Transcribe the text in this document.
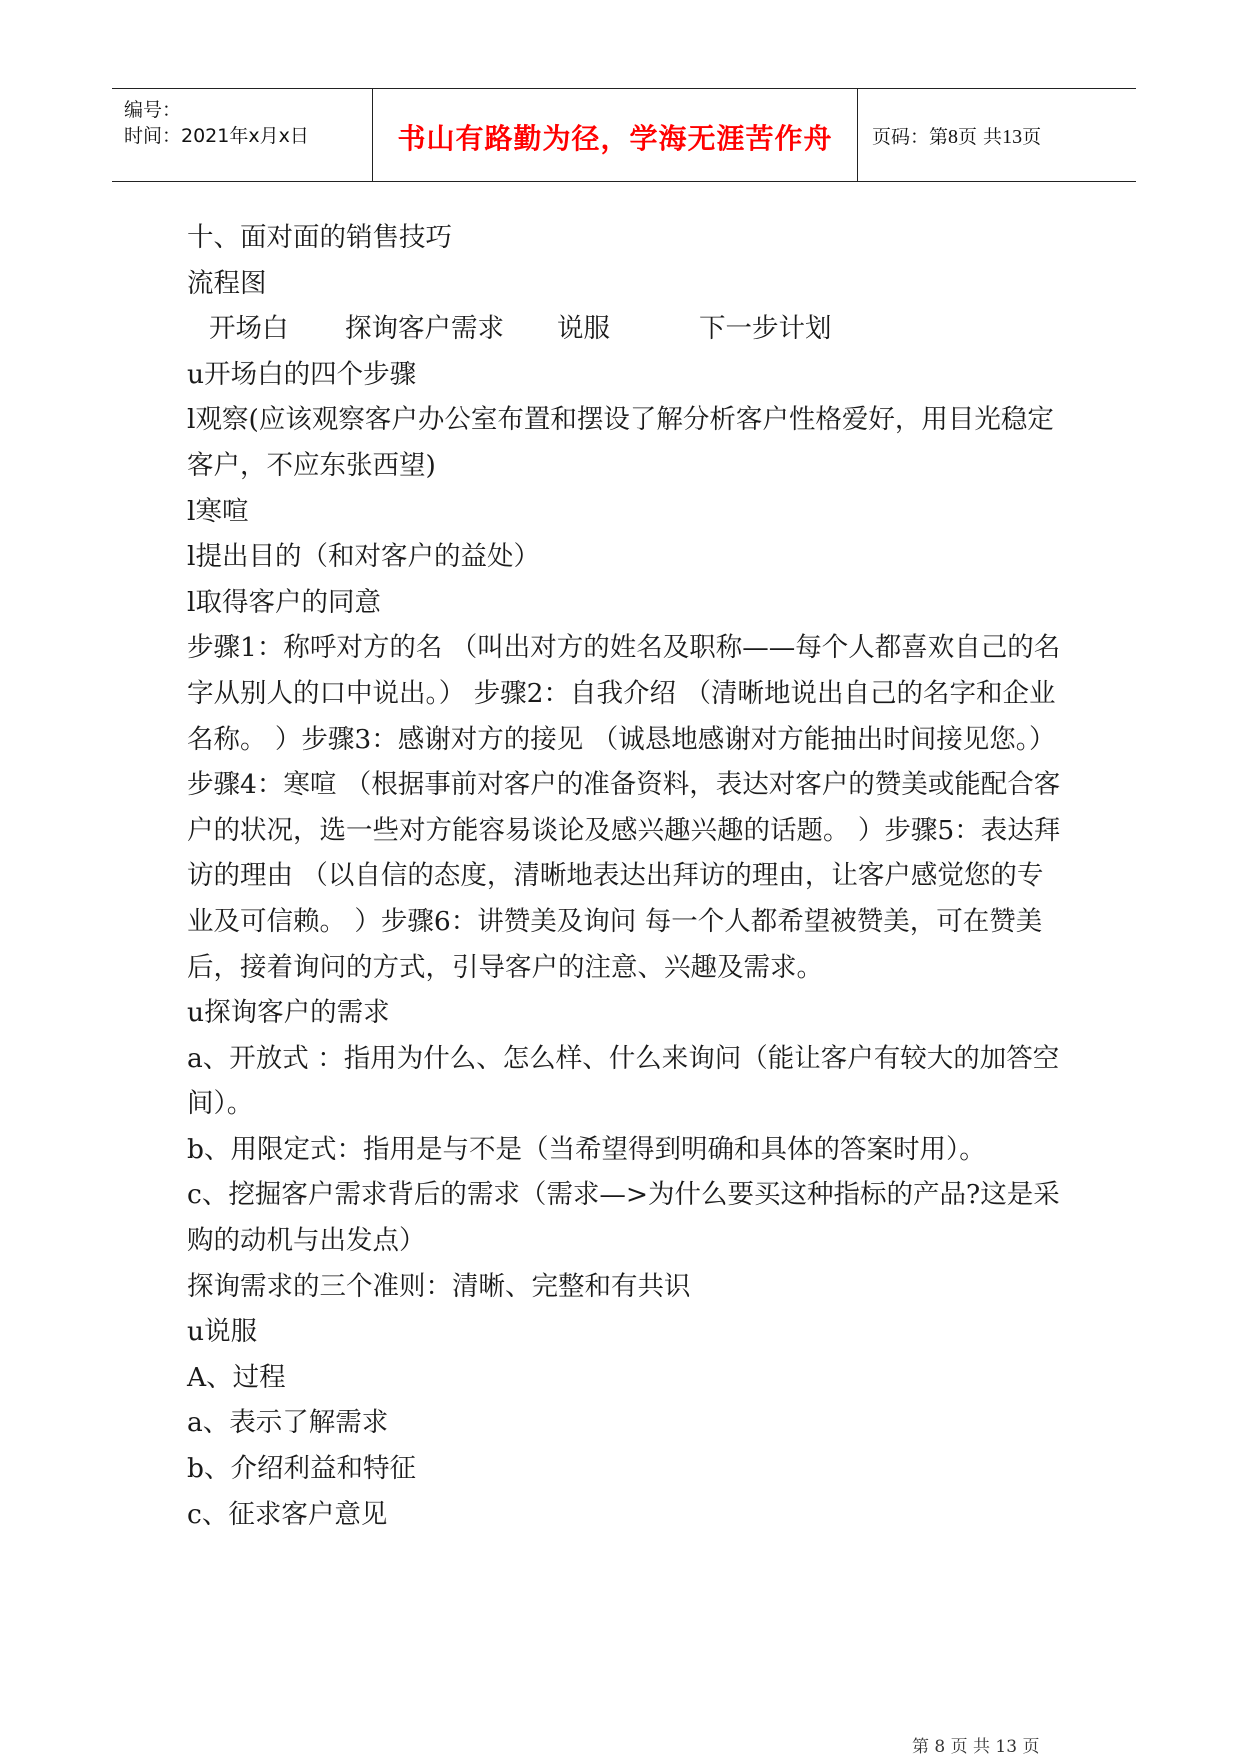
编号：
时间：2021年x月x日	书山有路勤为径，学海无涯苦作舟	页码：第8页 共13页

十、面对面的销售技巧

流程图

开场白 探询客户需求 说服	下一步计划

u开场白的四个步骤

l观察(应该观察客户办公室布置和摆设了解分析客户性格爱好，用目光稳定客户，不应东张西望)

l寒喧

l提出目的（和对客户的益处）

l取得客户的同意

步骤1：称呼对方的名 （叫出对方的姓名及职称——每个人都喜欢自己的名字从别人的口中说出。） 步骤2：自我介绍 （清晰地说出自己的名字和企业名称。 ）步骤3：感谢对方的接见 （诚恳地感谢对方能抽出时间接见您。） 步骤4：寒喧 （根据事前对客户的准备资料，表达对客户的赞美或能配合客户的状况，选一些对方能容易谈论及感兴趣兴趣的话题。 ）步骤5：表达拜访的理由 （以自信的态度，清晰地表达出拜访的理由，让客户感觉您的专业及可信赖。 ）步骤6：讲赞美及询问 每一个人都希望被赞美，可在赞美后，接着询问的方式，引导客户的注意、兴趣及需求。

u探询客户的需求

a、开放式 ：指用为什么、怎么样、什么来询问（能让客户有较大的加答空间）。

b、用限定式：指用是与不是（当希望得到明确和具体的答案时用）。

c、挖掘客户需求背后的需求（需求—>为什么要买这种指标的产品?这是采购的动机与出发点）

探询需求的三个准则：清晰、完整和有共识

u说服

A、过程

a、表示了解需求

b、介绍利益和特征

c、征求客户意见

第 8 页 共 13 页
